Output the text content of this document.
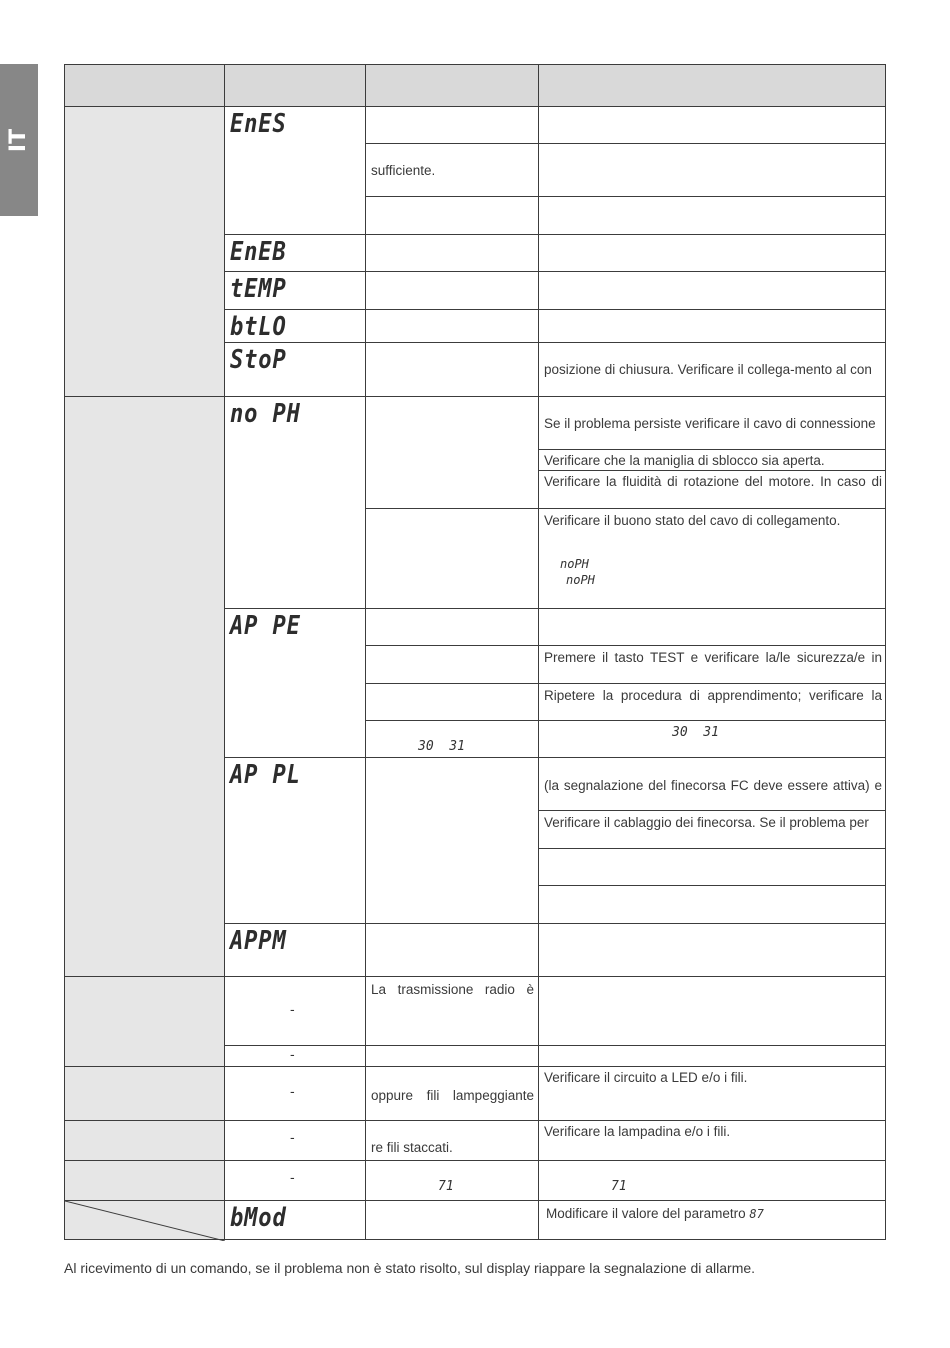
IT
EnES
EnEB
tEMP
btLO
StoP
no PH
AP PE
AP PL
APPM
-
-
-
-
-
bMod
sufficiente.
30  31
La trasmissione radio è
oppure fili lampeggiante
re fili staccati.
71
posizione di chiusura. Verificare il collega-mento al con
Se il problema persiste verificare il cavo di connessione
Verificare che la maniglia di sblocco sia aperta.
Verificare la fluidità di rotazione del motore. In caso di
Verificare il buono stato del cavo di collegamento.
noPH
noPH
Premere il tasto TEST e verificare la/le sicurezza/e in
Ripetere la procedura di apprendimento; verificare la
30  31
(la segnalazione del finecorsa FC deve essere attiva) e
Verificare il cablaggio dei finecorsa. Se il problema per
Verificare il circuito a LED e/o i fili.
Verificare la lampadina e/o i fili.
71
Modificare il valore del parametro 87
Al ricevimento di un comando, se il problema non è stato risolto, sul display riappare la segnalazione di allarme.
